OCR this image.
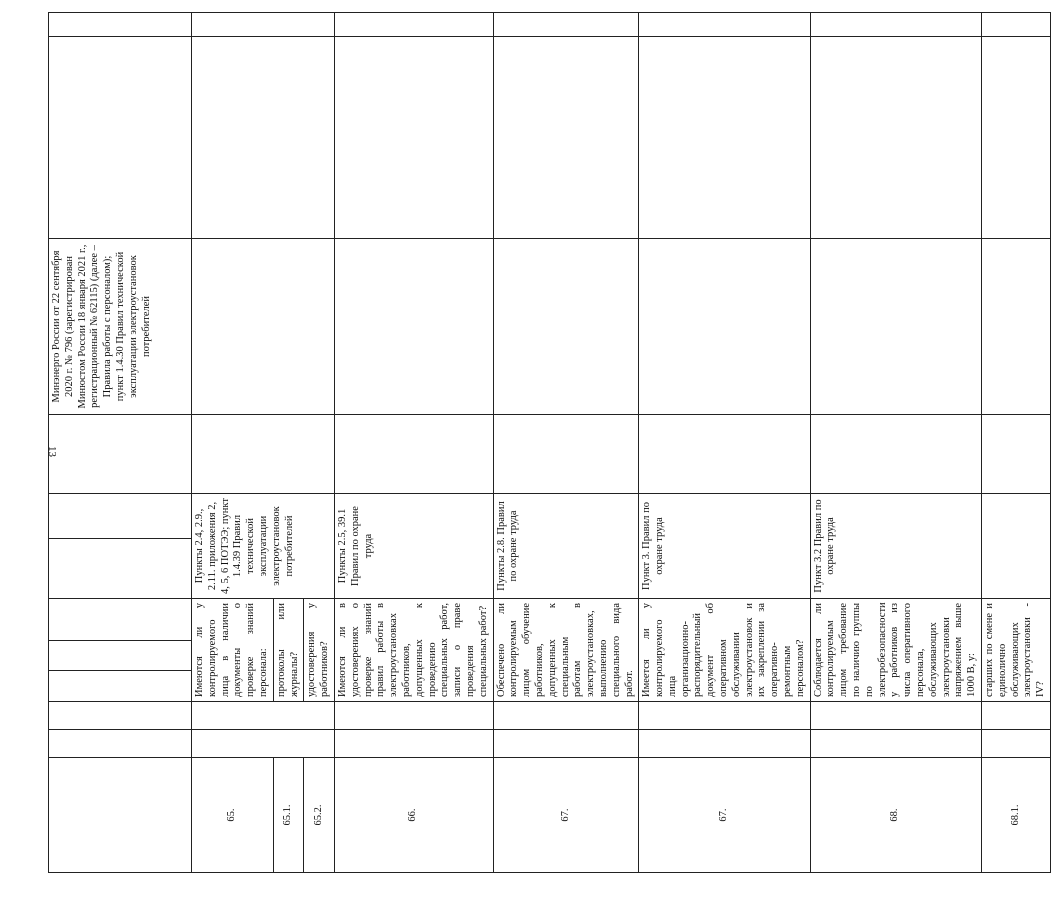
13
									Минэнерго России от 22 сентября 2020 г. № 796 (зарегистрирован Минюстом России 18 января 2021 г., регистрационный № 62115) (далее – Правила работы с персоналом); пункт 1.4.30 Правил технической эксплуатации электроустановок потребителей		
65.			Имеются ли у контролируемого лица в наличии документы о проверке знаний персонала:			Пункты 2.4, 2.9., 2.11. приложения 2, 4, 5, 6 ПОТЭЭ; пункт 1.4.39 Правил технической эксплуатации электроустановок потребителей					
65.1.			протоколы или журналы?								
65.2.			удостоверения у работников?								
66.			Имеются ли в удостоверениях о проверке знаний правил работы в электроустановках работников, допущенных к проведению специальных работ, записи о праве проведения специальных работ?			Пункты 2.5, 39.1 Правил по охране труда					
67.			Обеспечено ли контролируемым лицом обучение работников, допущенных к специальным работам в электроустановках, выполнению специального вида работ.			Пункты 2.8. Правил по охране труда					
67.			Имеется ли у контролируемого лица организационно-распорядительный документ об оперативном обслуживании электроустановок и их закреплении за оперативно-ремонтным персоналом?			Пункт 3. Правил по охране труда					
68.			Соблюдается ли контролируемым лицом требование по наличию группы по электробезопасности у работников из числа оперативного персонала, обслуживающих электроустановки напряжением выше 1000 В, у:			Пункт 3.2 Правил по охране труда					
68.1.			старших по смене и единолично обслуживающих электроустановки - IV?								
